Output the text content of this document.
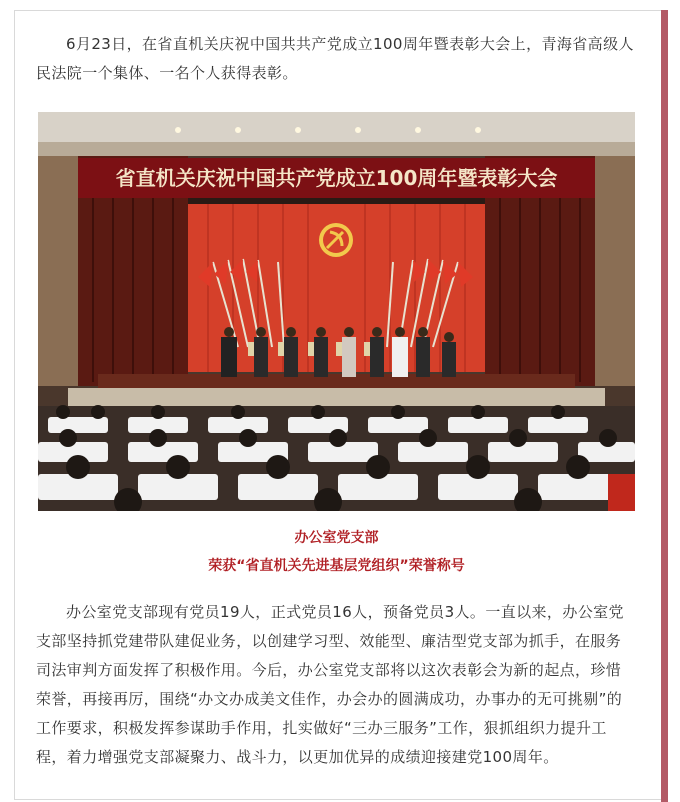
6月23日，在省直机关庆祝中国共共产党成立100周年暨表彰大会上，青海省高级人民法院一个集体、一名个人获得表彰。

省直机关庆祝中国共产党成立100周年暨表彰大会

办公室党支部

荣获“省直机关先进基层党组织”荣誉称号

办公室党支部现有党员19人，正式党员16人，预备党员3人。一直以来，办公室党支部坚持抓党建带队建促业务，以创建学习型、效能型、廉洁型党支部为抓手，在服务司法审判方面发挥了积极作用。今后，办公室党支部将以这次表彰会为新的起点，珍惜荣誉，再接再厉，围绕“办文办成美文佳作，办会办的圆满成功，办事办的无可挑剔”的工作要求，积极发挥参谋助手作用，扎实做好“三办三服务”工作，狠抓组织力提升工程，着力增强党支部凝聚力、战斗力，以更加优异的成绩迎接建党100周年。
